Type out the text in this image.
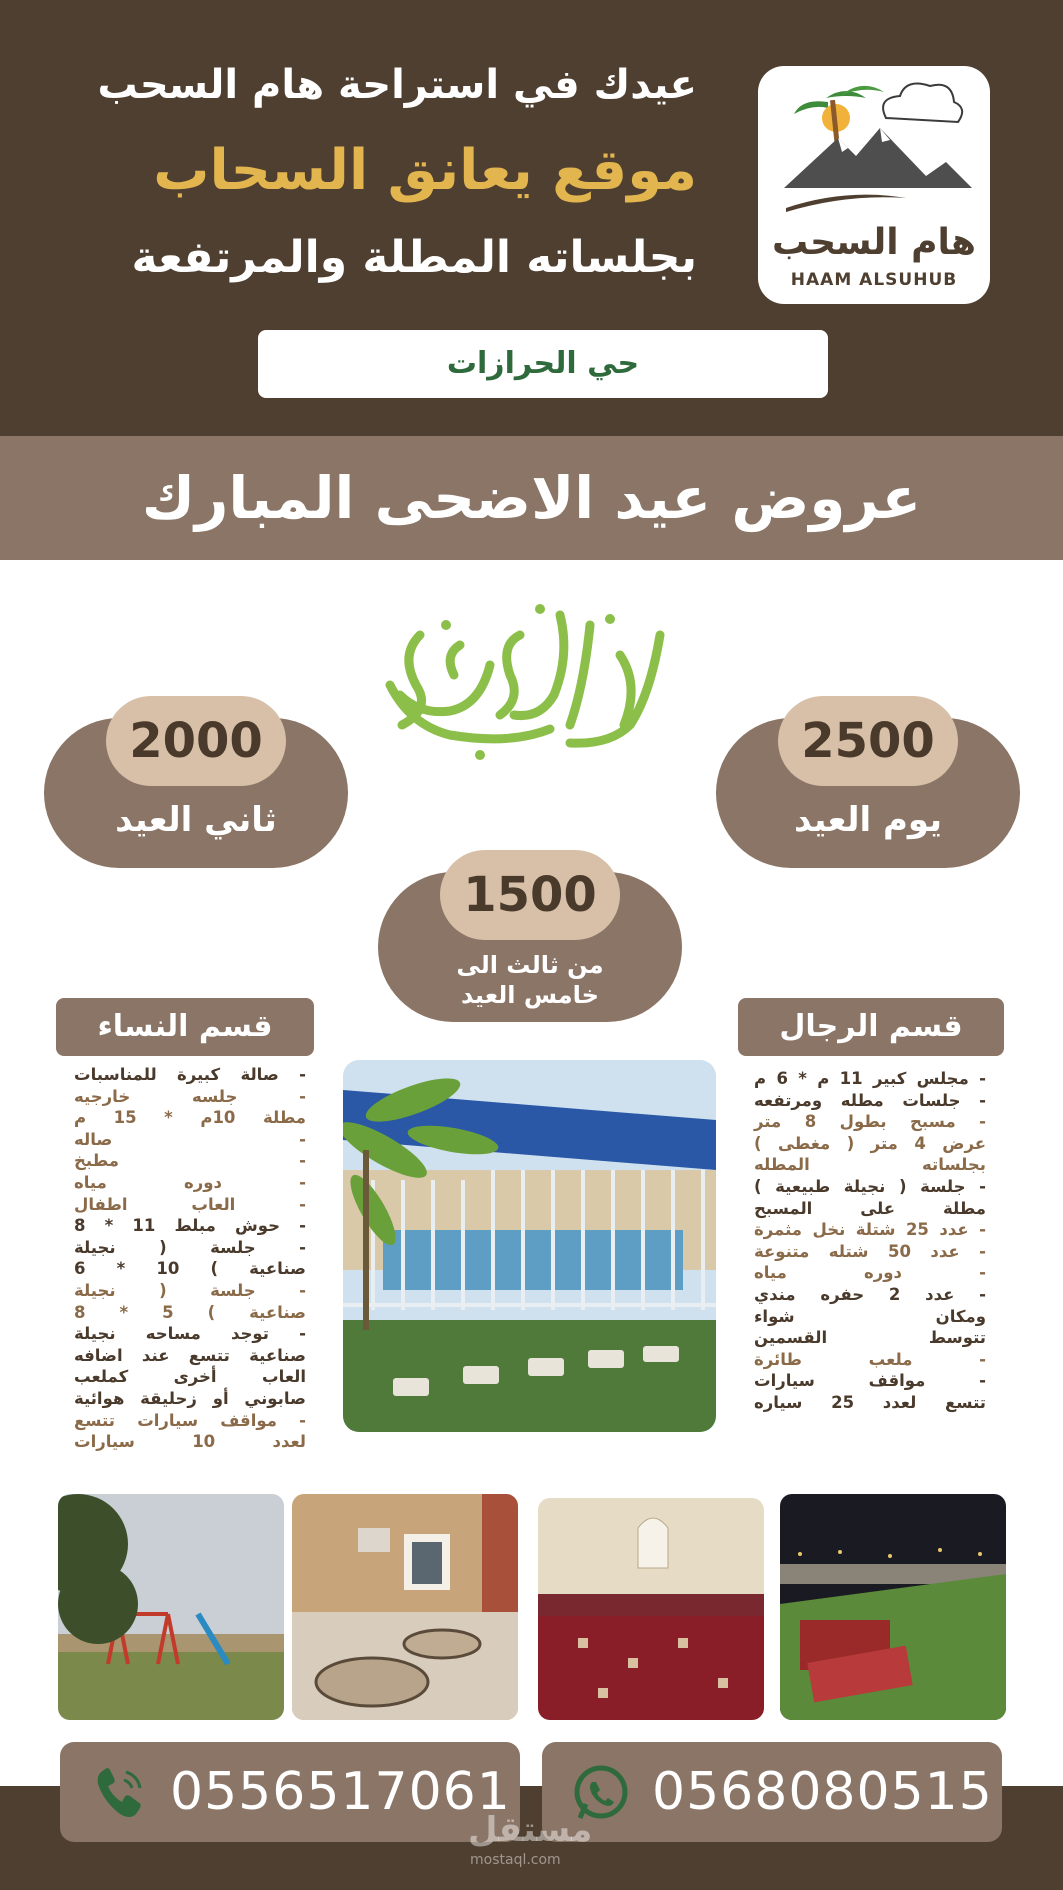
هام السحب
HAAM ALSUHUB
عيدك في استراحة هام السحب
موقع يعانق السحاب
بجلساته المطلة والمرتفعة
حي الحرازات
عروض عيد الاضحى المبارك
2000
ثاني العيد
2500
يوم العيد
1500
من ثالث الى
خامس العيد
قسم النساء	قسم الرجال
- صالة كبيرة للمناسبات
- جلسه خارجيه
مطلة 10م * 15 م
- صاله
- مطبخ
- دوره مياه
- العاب اطفال
- حوش مبلط 11 * 8
- جلسة ( نجيلة
صناعية ) 10 * 6
- جلسة ( نجيلة
صناعية ) 5 * 8
- توجد مساحه نجيلة
صناعية تتسع عند اضافه
العاب أخرى كملعب
صابوني أو زحليقة هوائية
- مواقف سيارات تتسع
لعدد 10 سيارات
- مجلس كبير 11 م * 6 م
- جلسات مطله ومرتفعه
- مسبح بطول 8 متر
عرض 4 متر ( مغطى )
بجلساته المطله
- جلسة ( نجيلة طبيعية )
مطلة على المسبح
- عدد 25 شتلة نخل مثمرة
- عدد 50 شتله متنوعة
- دوره مياه
- عدد 2 حفره مندي
ومكان شواء
تتوسط القسمين
- ملعب طائرة
- مواقف سيارات
تتسع لعدد 25 سياره
0556517061	0568080515
مستقل
mostaql.com
